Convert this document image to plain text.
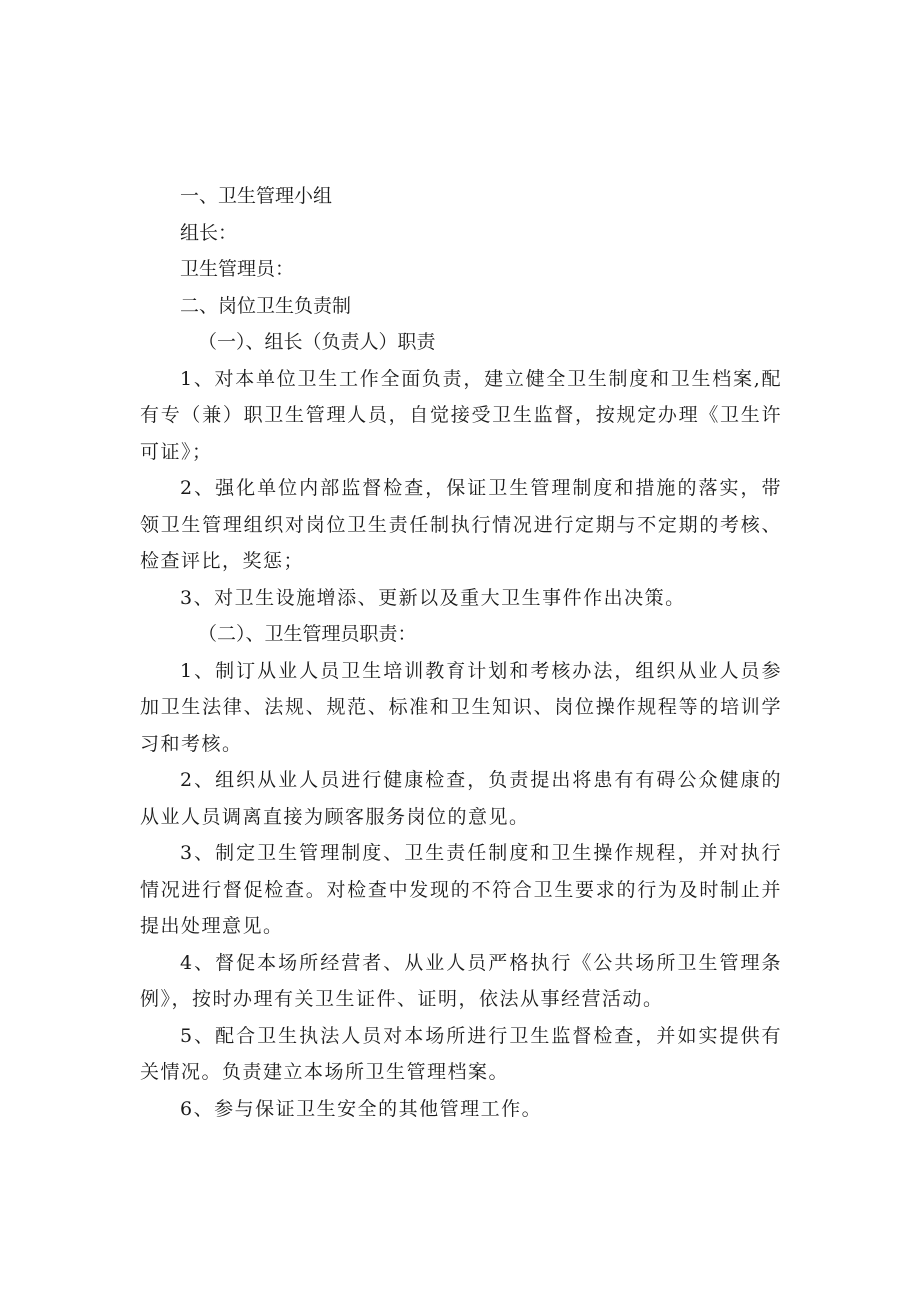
一、卫生管理小组

组长：

卫生管理员：

二、岗位卫生负责制

（一）、组长（负责人）职责

1、对本单位卫生工作全面负责，建立健全卫生制度和卫生档案,配有专（兼）职卫生管理人员，自觉接受卫生监督，按规定办理《卫生许可证》；

2、强化单位内部监督检查，保证卫生管理制度和措施的落实，带领卫生管理组织对岗位卫生责任制执行情况进行定期与不定期的考核、检查评比，奖惩；

3、对卫生设施增添、更新以及重大卫生事件作出决策。

（二）、卫生管理员职责：

1、制订从业人员卫生培训教育计划和考核办法，组织从业人员参加卫生法律、法规、规范、标准和卫生知识、岗位操作规程等的培训学习和考核。

2、组织从业人员进行健康检查，负责提出将患有有碍公众健康的从业人员调离直接为顾客服务岗位的意见。

3、制定卫生管理制度、卫生责任制度和卫生操作规程，并对执行情况进行督促检查。对检查中发现的不符合卫生要求的行为及时制止并提出处理意见。

4、督促本场所经营者、从业人员严格执行《公共场所卫生管理条例》，按时办理有关卫生证件、证明，依法从事经营活动。

5、配合卫生执法人员对本场所进行卫生监督检查，并如实提供有关情况。负责建立本场所卫生管理档案。

6、参与保证卫生安全的其他管理工作。
